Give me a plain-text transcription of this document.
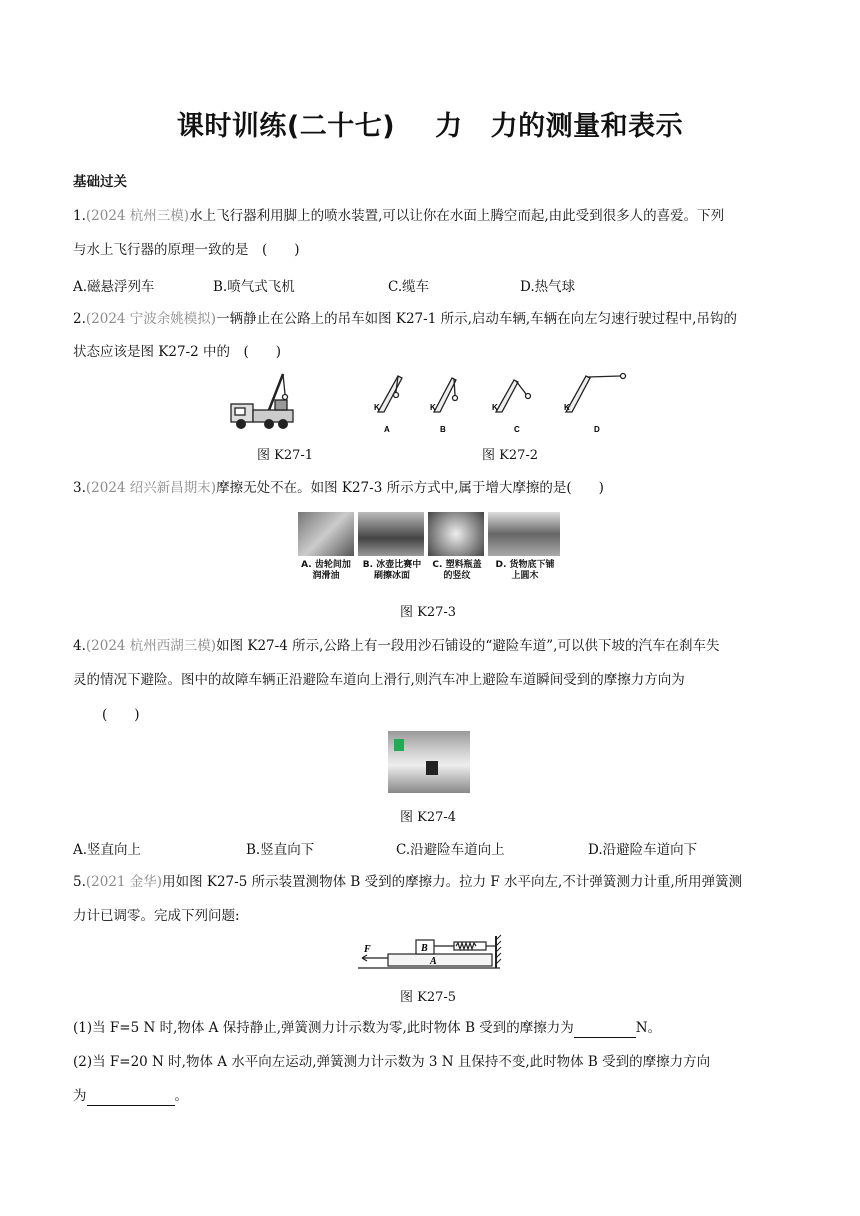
课时训练(二十七) 力 力的测量和表示
基础过关
1.(2024 杭州三模)水上飞行器利用脚上的喷水装置,可以让你在水面上腾空而起,由此受到很多人的喜爱。下列
与水上飞行器的原理一致的是　(　　)
A.磁悬浮列车	B.喷气式飞机	C.缆车	D.热气球
2.(2024 宁波余姚模拟)一辆静止在公路上的吊车如图 K27-1 所示,启动车辆,车辆在向左匀速行驶过程中,吊钩的
状态应该是图 K27-2 中的　(　　)
图 K27-1
K	K	K	K
A	B	C	D
图 K27-2
3.(2024 绍兴新昌期末)摩擦无处不在。如图 K27-3 所示方式中,属于增大摩擦的是(　　)
A. 齿轮间加
润滑油
B. 冰壶比赛中
刷擦冰面
C. 塑料瓶盖
的竖纹
D. 货物底下铺
上圆木
图 K27-3
4.(2024 杭州西湖三模)如图 K27-4 所示,公路上有一段用沙石铺设的“避险车道”,可以供下坡的汽车在刹车失
灵的情况下避险。图中的故障车辆正沿避险车道向上滑行,则汽车冲上避险车道瞬间受到的摩擦力方向为
(　　)
图 K27-4
A.竖直向上	B.竖直向下	C.沿避险车道向上	D.沿避险车道向下
5.(2021 金华)用如图 K27-5 所示装置测物体 B 受到的摩擦力。拉力 F 水平向左,不计弹簧测力计重,所用弹簧测
力计已调零。完成下列问题:
F	B
A
图 K27-5
(1)当 F=5 N 时,物体 A 保持静止,弹簧测力计示数为零,此时物体 B 受到的摩擦力为	N。
(2)当 F=20 N 时,物体 A 水平向左运动,弹簧测力计示数为 3 N 且保持不变,此时物体 B 受到的摩擦力方向
为	。
